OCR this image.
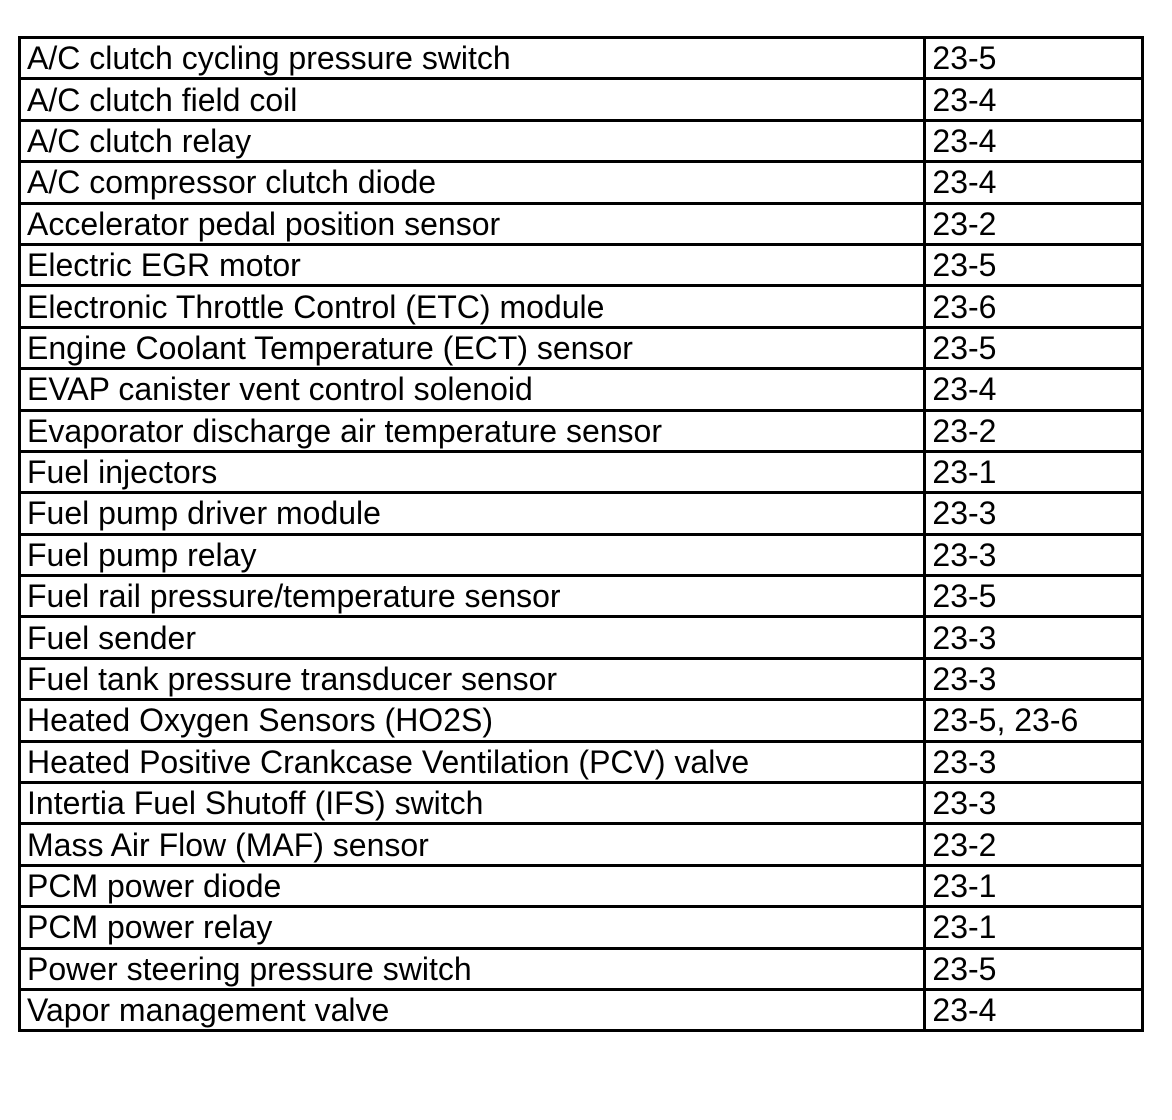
A/C clutch cycling pressure switch	23-5
A/C clutch field coil	23-4
A/C clutch relay	23-4
A/C compressor clutch diode	23-4
Accelerator pedal position sensor	23-2
Electric EGR motor	23-5
Electronic Throttle Control (ETC) module	23-6
Engine Coolant Temperature (ECT) sensor	23-5
EVAP canister vent control solenoid	23-4
Evaporator discharge air temperature sensor	23-2
Fuel injectors	23-1
Fuel pump driver module	23-3
Fuel pump relay	23-3
Fuel rail pressure/temperature sensor	23-5
Fuel sender	23-3
Fuel tank pressure transducer sensor	23-3
Heated Oxygen Sensors (HO2S)	23-5, 23-6
Heated Positive Crankcase Ventilation (PCV) valve	23-3
Intertia Fuel Shutoff (IFS) switch	23-3
Mass Air Flow (MAF) sensor	23-2
PCM power diode	23-1
PCM power relay	23-1
Power steering pressure switch	23-5
Vapor management valve	23-4
